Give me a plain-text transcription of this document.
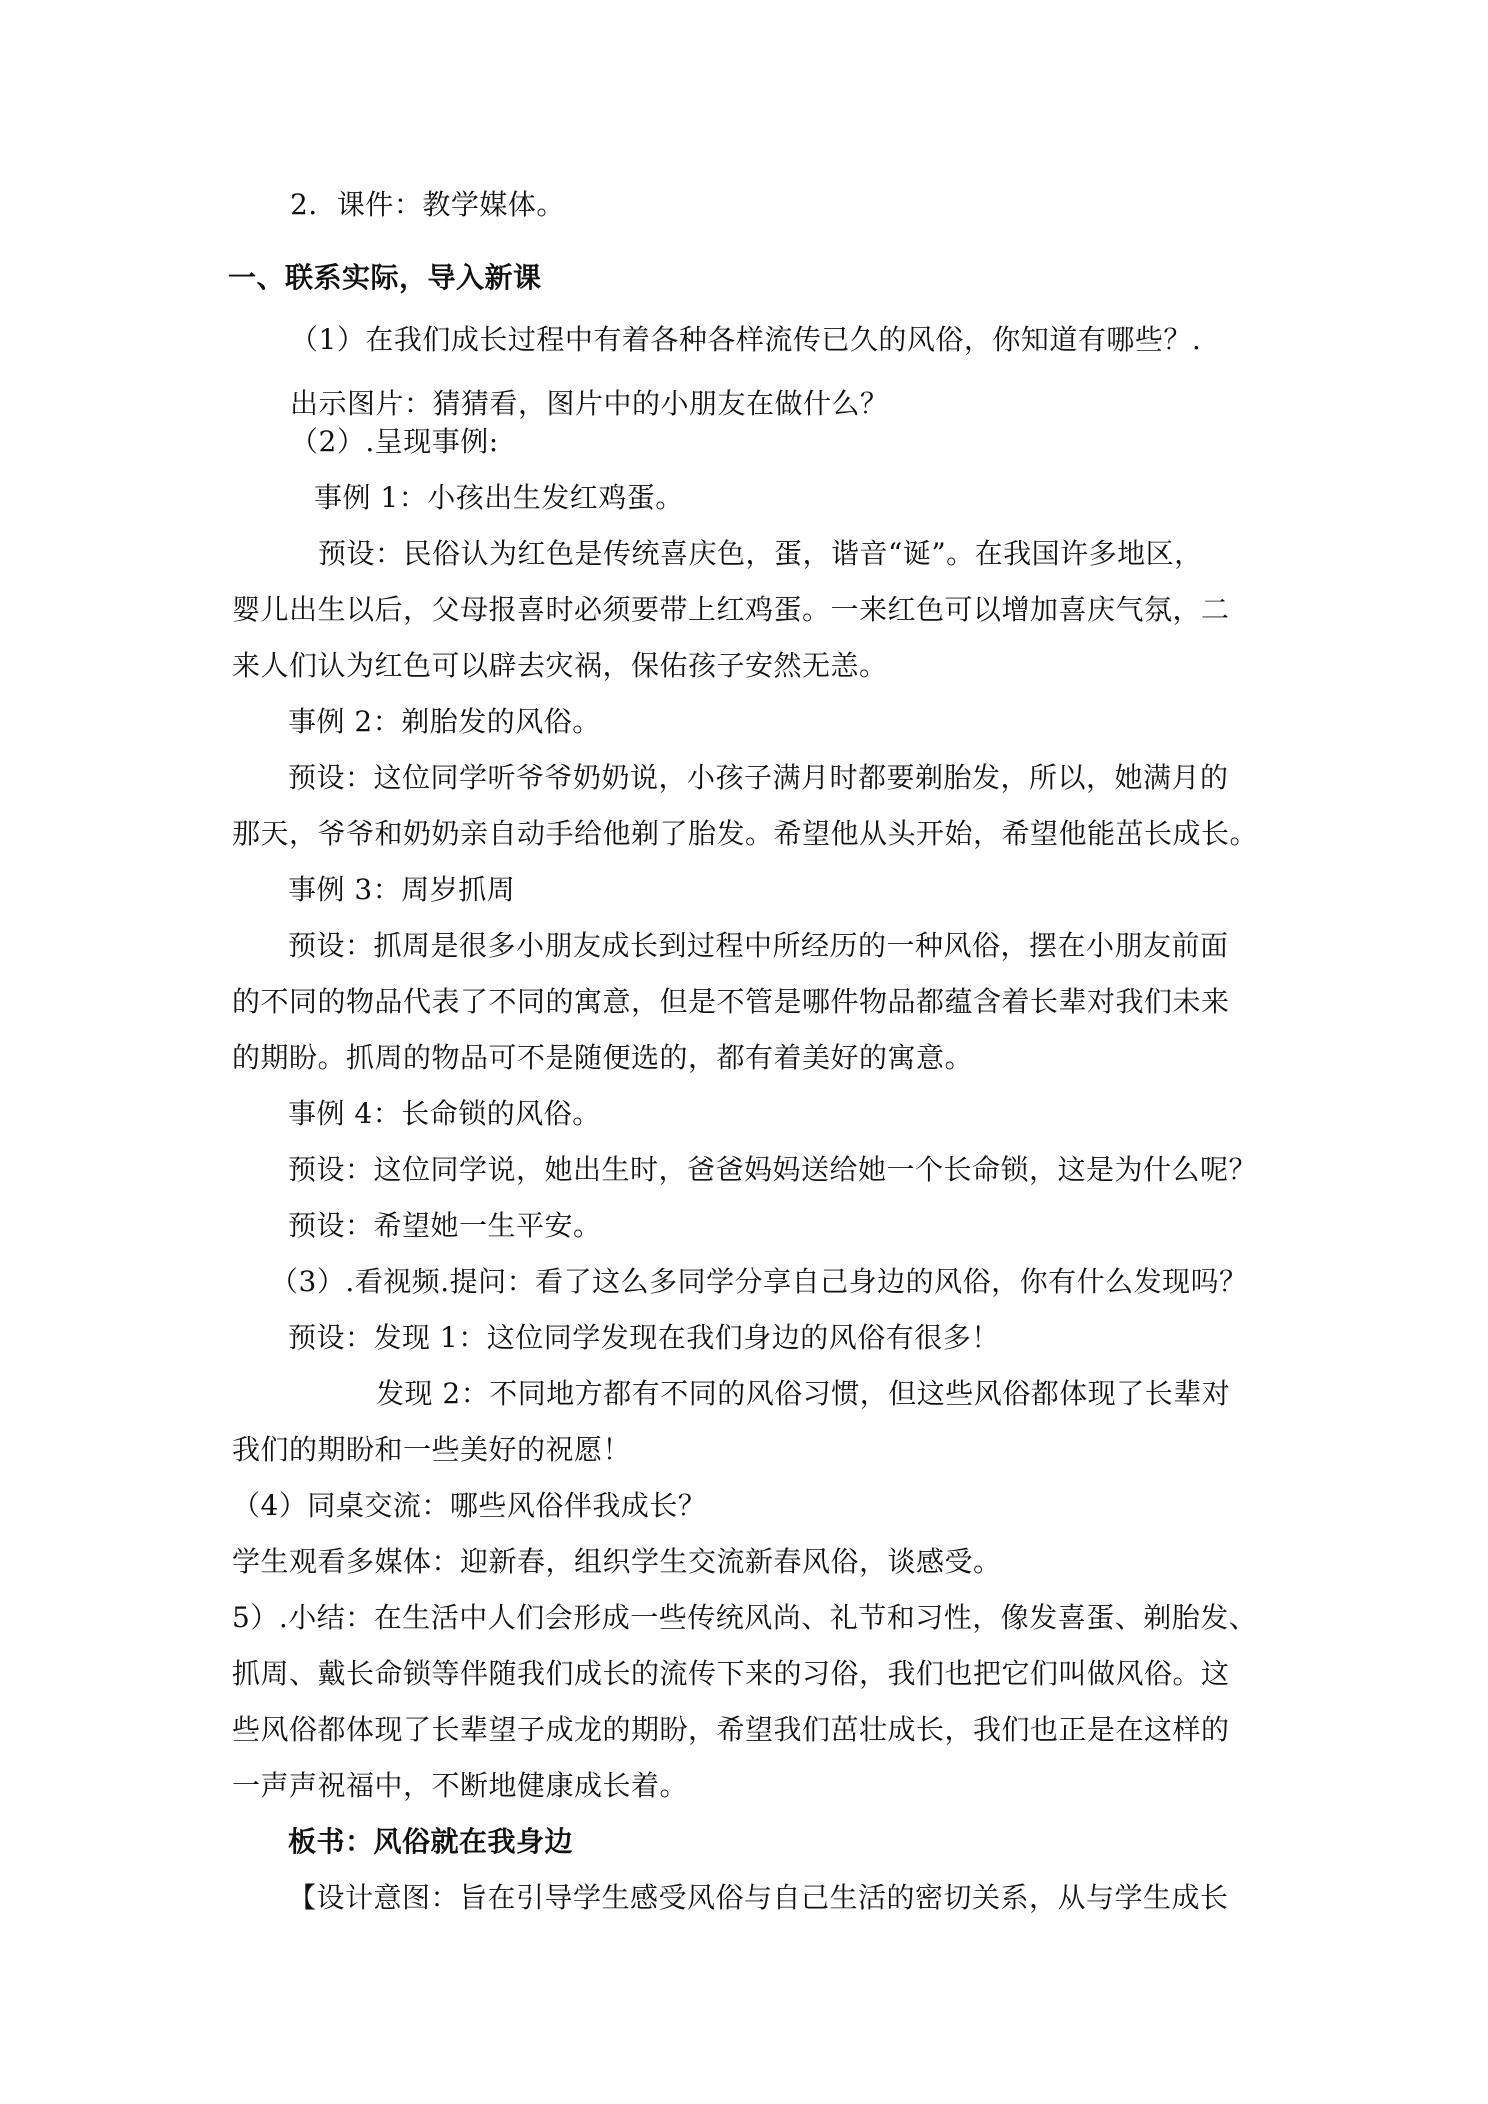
2．课件：教学媒体。
一、联系实际，导入新课
（1）在我们成长过程中有着各种各样流传已久的风俗，你知道有哪些？.
出示图片：猜猜看，图片中的小朋友在做什么？
（2）.呈现事例:
事例 1：小孩出生发红鸡蛋。
预设：民俗认为红色是传统喜庆色，蛋，谐音“诞”。在我国许多地区，
婴儿出生以后，父母报喜时必须要带上红鸡蛋。一来红色可以增加喜庆气氛，二
来人们认为红色可以辟去灾祸，保佑孩子安然无恙。
事例 2：剃胎发的风俗。
预设：这位同学听爷爷奶奶说，小孩子满月时都要剃胎发，所以，她满月的
那天，爷爷和奶奶亲自动手给他剃了胎发。希望他从头开始，希望他能茁长成长。
事例 3：周岁抓周
预设：抓周是很多小朋友成长到过程中所经历的一种风俗，摆在小朋友前面
的不同的物品代表了不同的寓意，但是不管是哪件物品都蕴含着长辈对我们未来
的期盼。抓周的物品可不是随便选的，都有着美好的寓意。
事例 4：长命锁的风俗。
预设：这位同学说，她出生时，爸爸妈妈送给她一个长命锁，这是为什么呢？
预设：希望她一生平安。
（3）.看视频.提问：看了这么多同学分享自己身边的风俗，你有什么发现吗？
预设：发现 1：这位同学发现在我们身边的风俗有很多！
发现 2：不同地方都有不同的风俗习惯，但这些风俗都体现了长辈对
我们的期盼和一些美好的祝愿！
（4）同桌交流：哪些风俗伴我成长？
学生观看多媒体：迎新春，组织学生交流新春风俗，谈感受。
5）.小结：在生活中人们会形成一些传统风尚、礼节和习性，像发喜蛋、剃胎发、
抓周、戴长命锁等伴随我们成长的流传下来的习俗，我们也把它们叫做风俗。这
些风俗都体现了长辈望子成龙的期盼，希望我们茁壮成长，我们也正是在这样的
一声声祝福中，不断地健康成长着。
板书：风俗就在我身边
【设计意图：旨在引导学生感受风俗与自己生活的密切关系，从与学生成长
